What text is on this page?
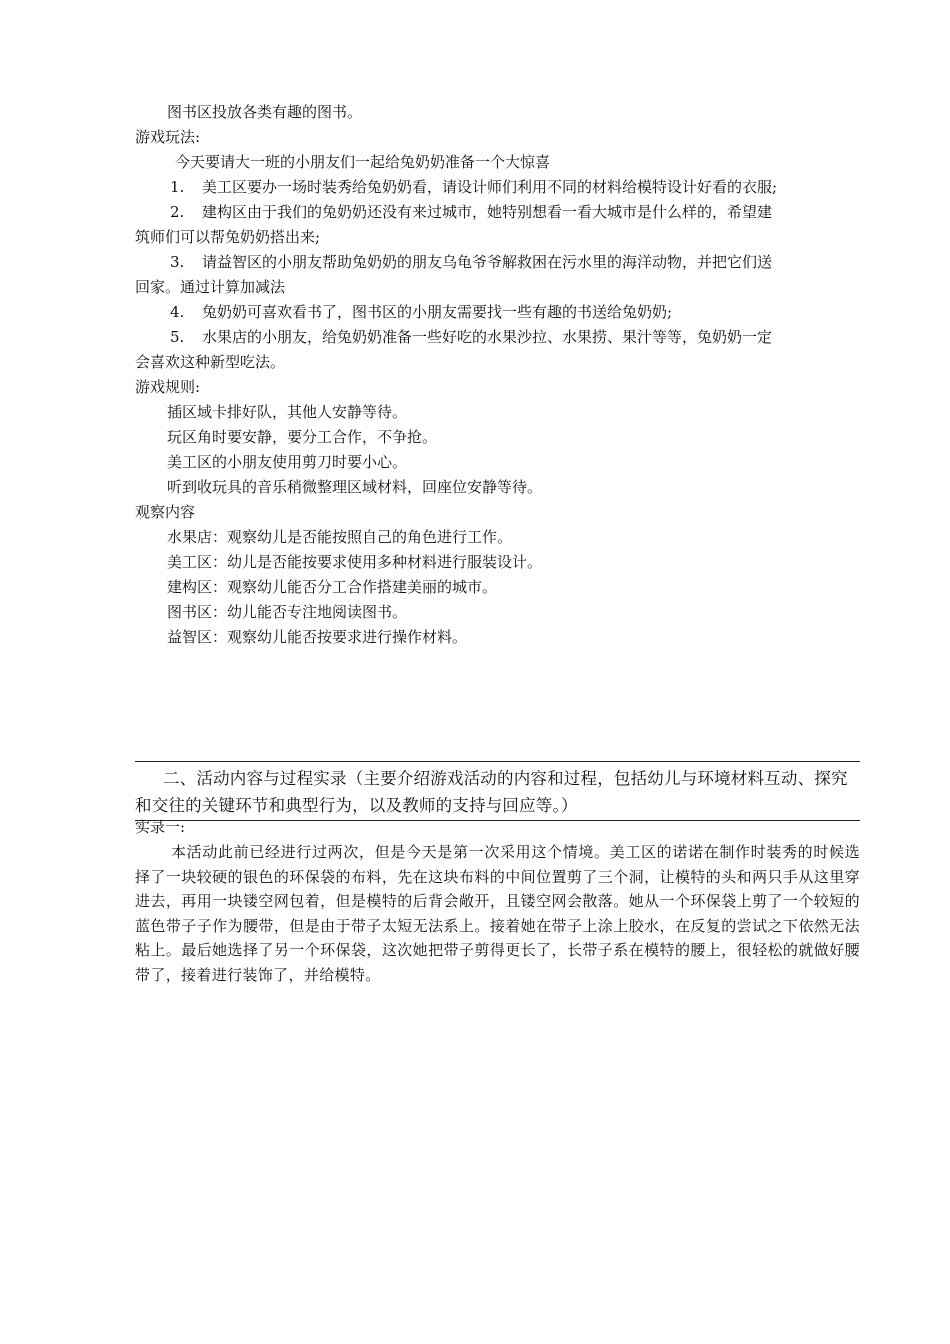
图书区投放各类有趣的图书。

游戏玩法:

今天要请大一班的小朋友们一起给兔奶奶准备一个大惊喜

1. 美工区要办一场时装秀给兔奶奶看，请设计师们利用不同的材料给模特设计好看的衣服;

2. 建构区由于我们的兔奶奶还没有来过城市，她特别想看一看大城市是什么样的，希望建

筑师们可以帮兔奶奶搭出来;

3. 请益智区的小朋友帮助兔奶奶的朋友乌龟爷爷解救困在污水里的海洋动物，并把它们送

回家。通过计算加减法

4. 兔奶奶可喜欢看书了，图书区的小朋友需要找一些有趣的书送给兔奶奶;

5. 水果店的小朋友，给兔奶奶准备一些好吃的水果沙拉、水果捞、果汁等等，兔奶奶一定

会喜欢这种新型吃法。

游戏规则:

插区域卡排好队，其他人安静等待。

玩区角时要安静，要分工合作，不争抢。

美工区的小朋友使用剪刀时要小心。

听到收玩具的音乐稍微整理区域材料，回座位安静等待。

观察内容

水果店：观察幼儿是否能按照自己的角色进行工作。

美工区：幼儿是否能按要求使用多种材料进行服装设计。

建构区：观察幼儿能否分工合作搭建美丽的城市。

图书区：幼儿能否专注地阅读图书。

益智区：观察幼儿能否按要求进行操作材料。

二、活动内容与过程实录（主要介绍游戏活动的内容和过程，包括幼儿与环境材料互动、探究和交往的关键环节和典型行为，以及教师的支持与回应等。）

实录一:

本活动此前已经进行过两次，但是今天是第一次采用这个情境。美工区的诺诺在制作时装秀的时候选择了一块较硬的银色的环保袋的布料，先在这块布料的中间位置剪了三个洞，让模特的头和两只手从这里穿进去，再用一块镂空网包着，但是模特的后背会敞开，且镂空网会散落。她从一个环保袋上剪了一个较短的蓝色带子子作为腰带，但是由于带子太短无法系上。接着她在带子上涂上胶水，在反复的尝试之下依然无法粘上。最后她选择了另一个环保袋，这次她把带子剪得更长了，长带子系在模特的腰上，很轻松的就做好腰带了，接着进行装饰了，并给模特。
